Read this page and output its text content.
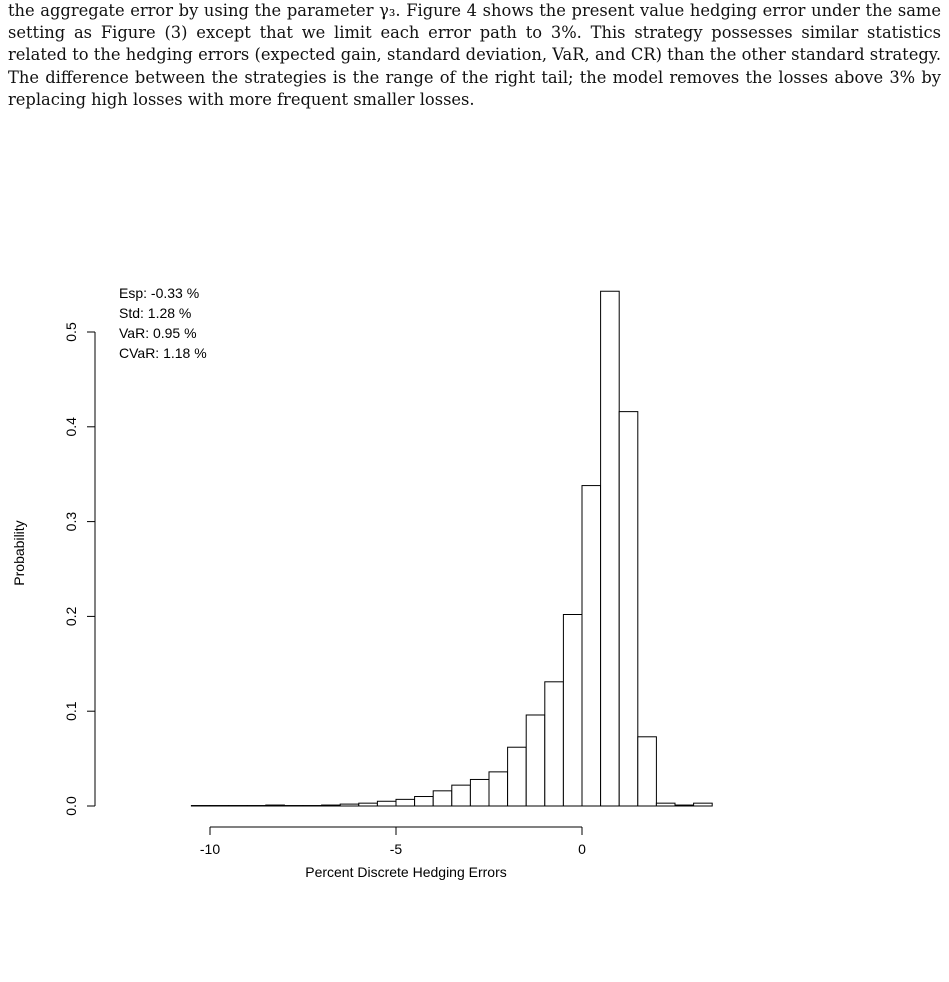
the aggregate error by using the parameter γ₃. Figure 4 shows the present value hedging error under the same setting as Figure (3) except that we limit each error path to 3%. This strategy possesses similar statistics related to the hedging errors (expected gain, standard deviation, VaR, and CR) than the other standard strategy. The difference between the strategies is the range of the right tail; the model removes the losses above 3% by replacing high losses with more frequent smaller losses.

-10	-5	0
0.0
0.1
0.2
0.3
0.4
0.5
Esp: -0.33 %
Std: 1.28 %
VaR: 0.95 %
CVaR: 1.18 %
Percent Discrete Hedging Errors
Probability
